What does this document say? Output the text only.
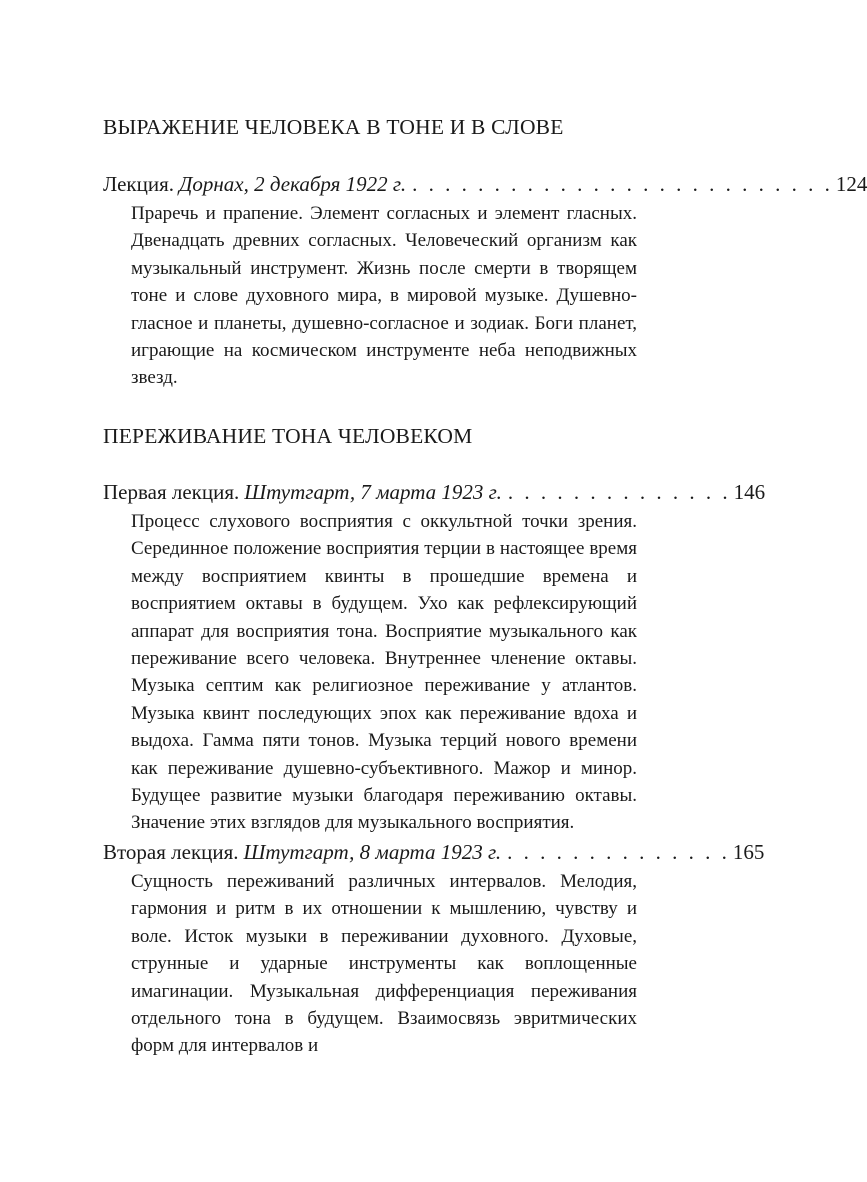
ВЫРАЖЕНИЕ ЧЕЛОВЕКА В ТОНЕ И В СЛОВЕ
Лекция. Дорнах, 2 декабря 1922 г. . . . . . . . . . . . . . . . . . . . . . . . . . . 124
Праречь и прапение. Элемент согласных и элемент гласных. Двенадцать древних согласных. Человеческий организм как музыкальный инструмент. Жизнь после смерти в творящем тоне и слове духовного мира, в мировой музыке. Душевно-гласное и планеты, душевно-согласное и зодиак. Боги планет, играющие на космическом инструменте неба неподвижных звезд.
ПЕРЕЖИВАНИЕ ТОНА ЧЕЛОВЕКОМ
Первая лекция. Штутгарт, 7 марта 1923 г. . . . . . . . . . . . . . . 146
Процесс слухового восприятия с оккультной точки зрения. Серединное положение восприятия терции в настоящее время между восприятием квинты в прошедшие времена и восприятием октавы в будущем. Ухо как рефлексирующий аппарат для восприятия тона. Восприятие музыкального как переживание всего человека. Внутреннее членение октавы. Музыка септим как религиозное переживание у атлантов. Музыка квинт последующих эпох как переживание вдоха и выдоха. Гамма пяти тонов. Музыка терций нового времени как переживание душевно-субъективного. Мажор и минор. Будущее развитие музыки благодаря переживанию октавы. Значение этих взглядов для музыкального восприятия.
Вторая лекция. Штутгарт, 8 марта 1923 г. . . . . . . . . . . . . . . 165
Сущность переживаний различных интервалов. Мелодия, гармония и ритм в их отношении к мышлению, чувству и воле. Исток музыки в переживании духовного. Духовые, струнные и ударные инструменты как воплощенные имагинации. Музыкальная дифференциация переживания отдельного тона в будущем. Взаимосвязь эвритмических форм для интервалов и
